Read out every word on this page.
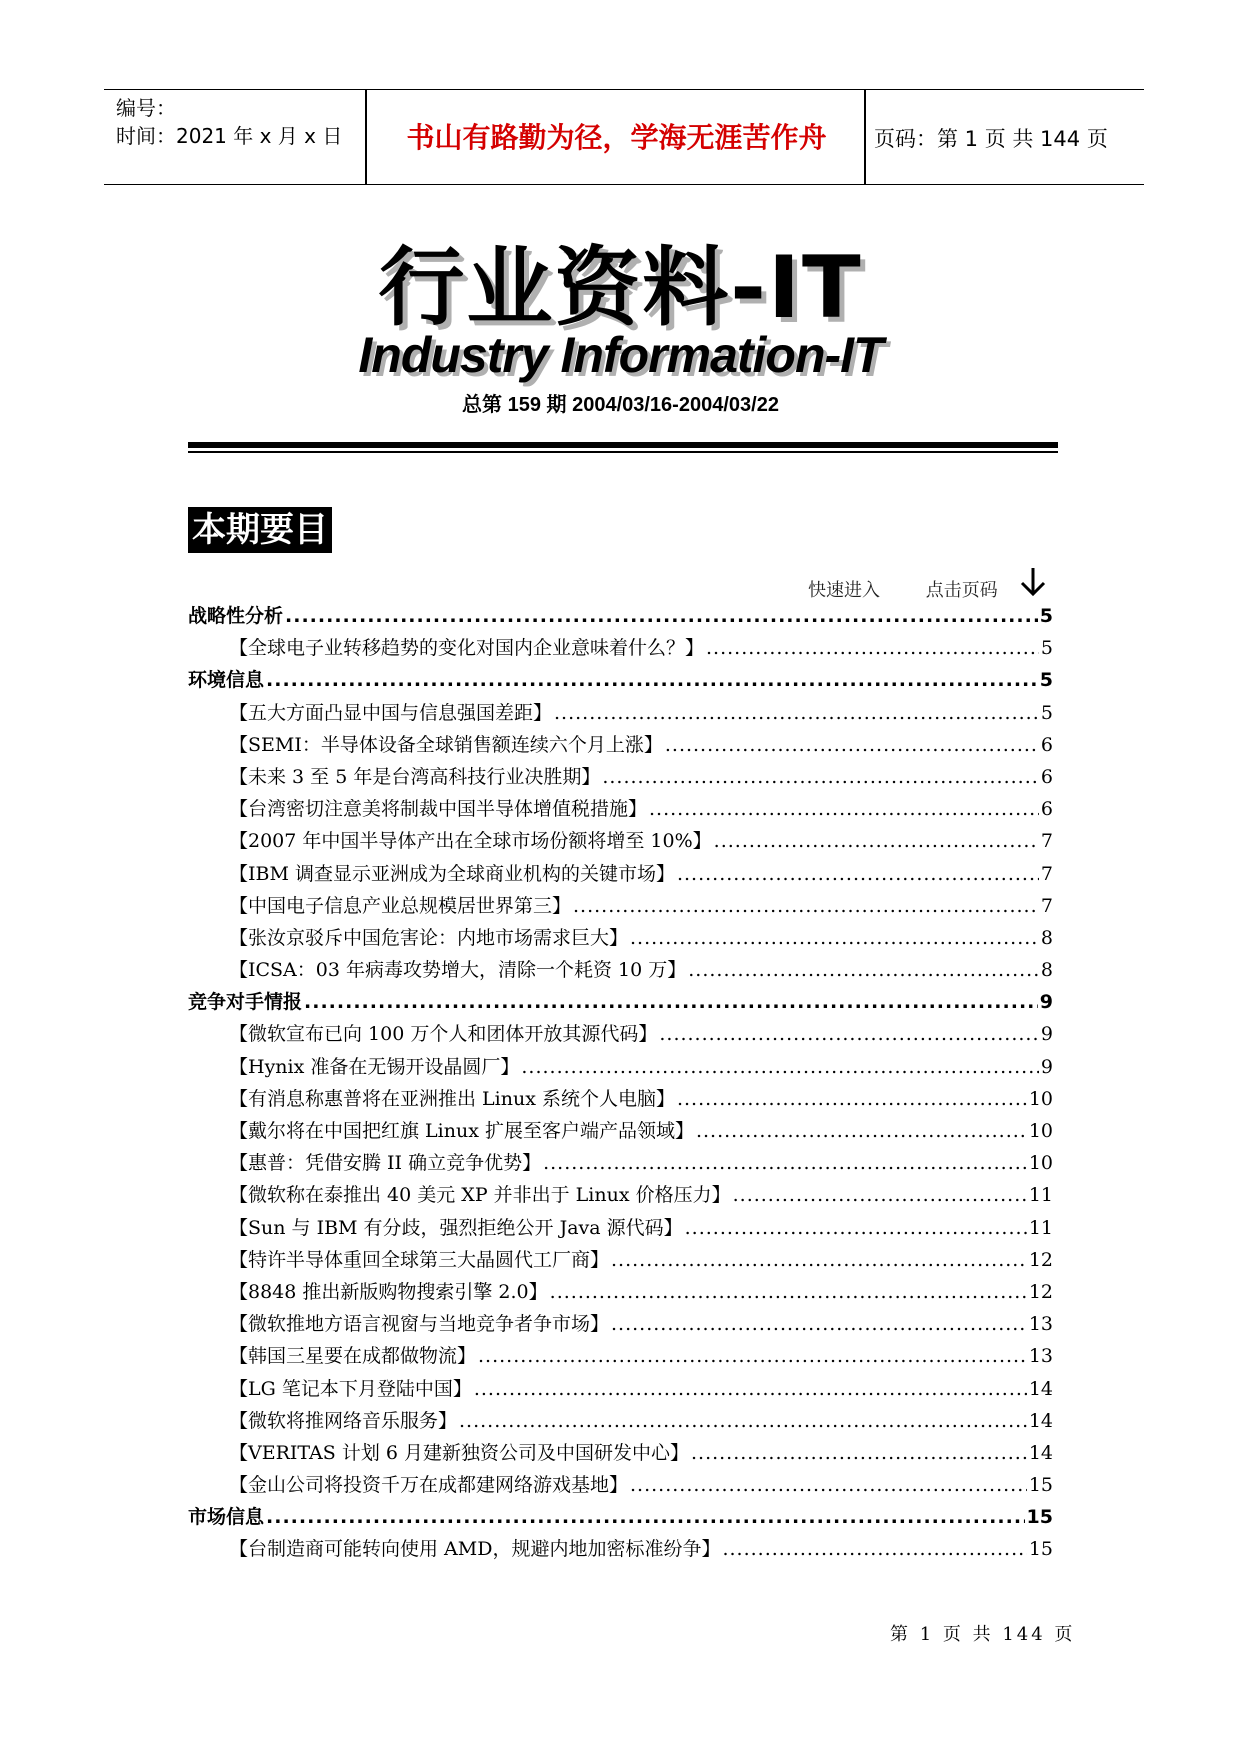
编号：
时间：2021 年 x 月 x 日	书山有路勤为径，学海无涯苦作舟	页码：第 1 页 共 144 页
行业资料-IT
Industry Information-IT
总第 159 期 2004/03/16-2004/03/22
本期要目
快速进入	点击页码
战略性分析 .....	5
【全球电子业转移趋势的变化对国内企业意味着什么？】 .....	5
环境信息 .....	5
【五大方面凸显中国与信息强国差距】 .....	5
【SEMI：半导体设备全球销售额连续六个月上涨】 .....	6
【未来 3 至 5 年是台湾高科技行业决胜期】 .....	6
【台湾密切注意美将制裁中国半导体增值税措施】 .....	6
【2007 年中国半导体产出在全球市场份额将增至 10%】 .....	7
【IBM 调查显示亚洲成为全球商业机构的关键市场】 .....	7
【中国电子信息产业总规模居世界第三】 .....	7
【张汝京驳斥中国危害论：内地市场需求巨大】 .....	8
【ICSA：03 年病毒攻势增大，清除一个耗资 10 万】 .....	8
竞争对手情报 .....	9
【微软宣布已向 100 万个人和团体开放其源代码】 .....	9
【Hynix 准备在无锡开设晶圆厂】 .....	9
【有消息称惠普将在亚洲推出 Linux 系统个人电脑】 .....	10
【戴尔将在中国把红旗 Linux 扩展至客户端产品领域】 .....	10
【惠普：凭借安腾 II 确立竞争优势】 .....	10
【微软称在泰推出 40 美元 XP 并非出于 Linux 价格压力】 .....	11
【Sun 与 IBM 有分歧，强烈拒绝公开 Java 源代码】 .....	11
【特许半导体重回全球第三大晶圆代工厂商】 .....	12
【8848 推出新版购物搜索引擎 2.0】 .....	12
【微软推地方语言视窗与当地竞争者争市场】 .....	13
【韩国三星要在成都做物流】 .....	13
【LG 笔记本下月登陆中国】 .....	14
【微软将推网络音乐服务】 .....	14
【VERITAS 计划 6 月建新独资公司及中国研发中心】 .....	14
【金山公司将投资千万在成都建网络游戏基地】 .....	15
市场信息 .....	15
【台制造商可能转向使用 AMD，规避内地加密标准纷争】 .....	15
第 1 页 共 144 页
